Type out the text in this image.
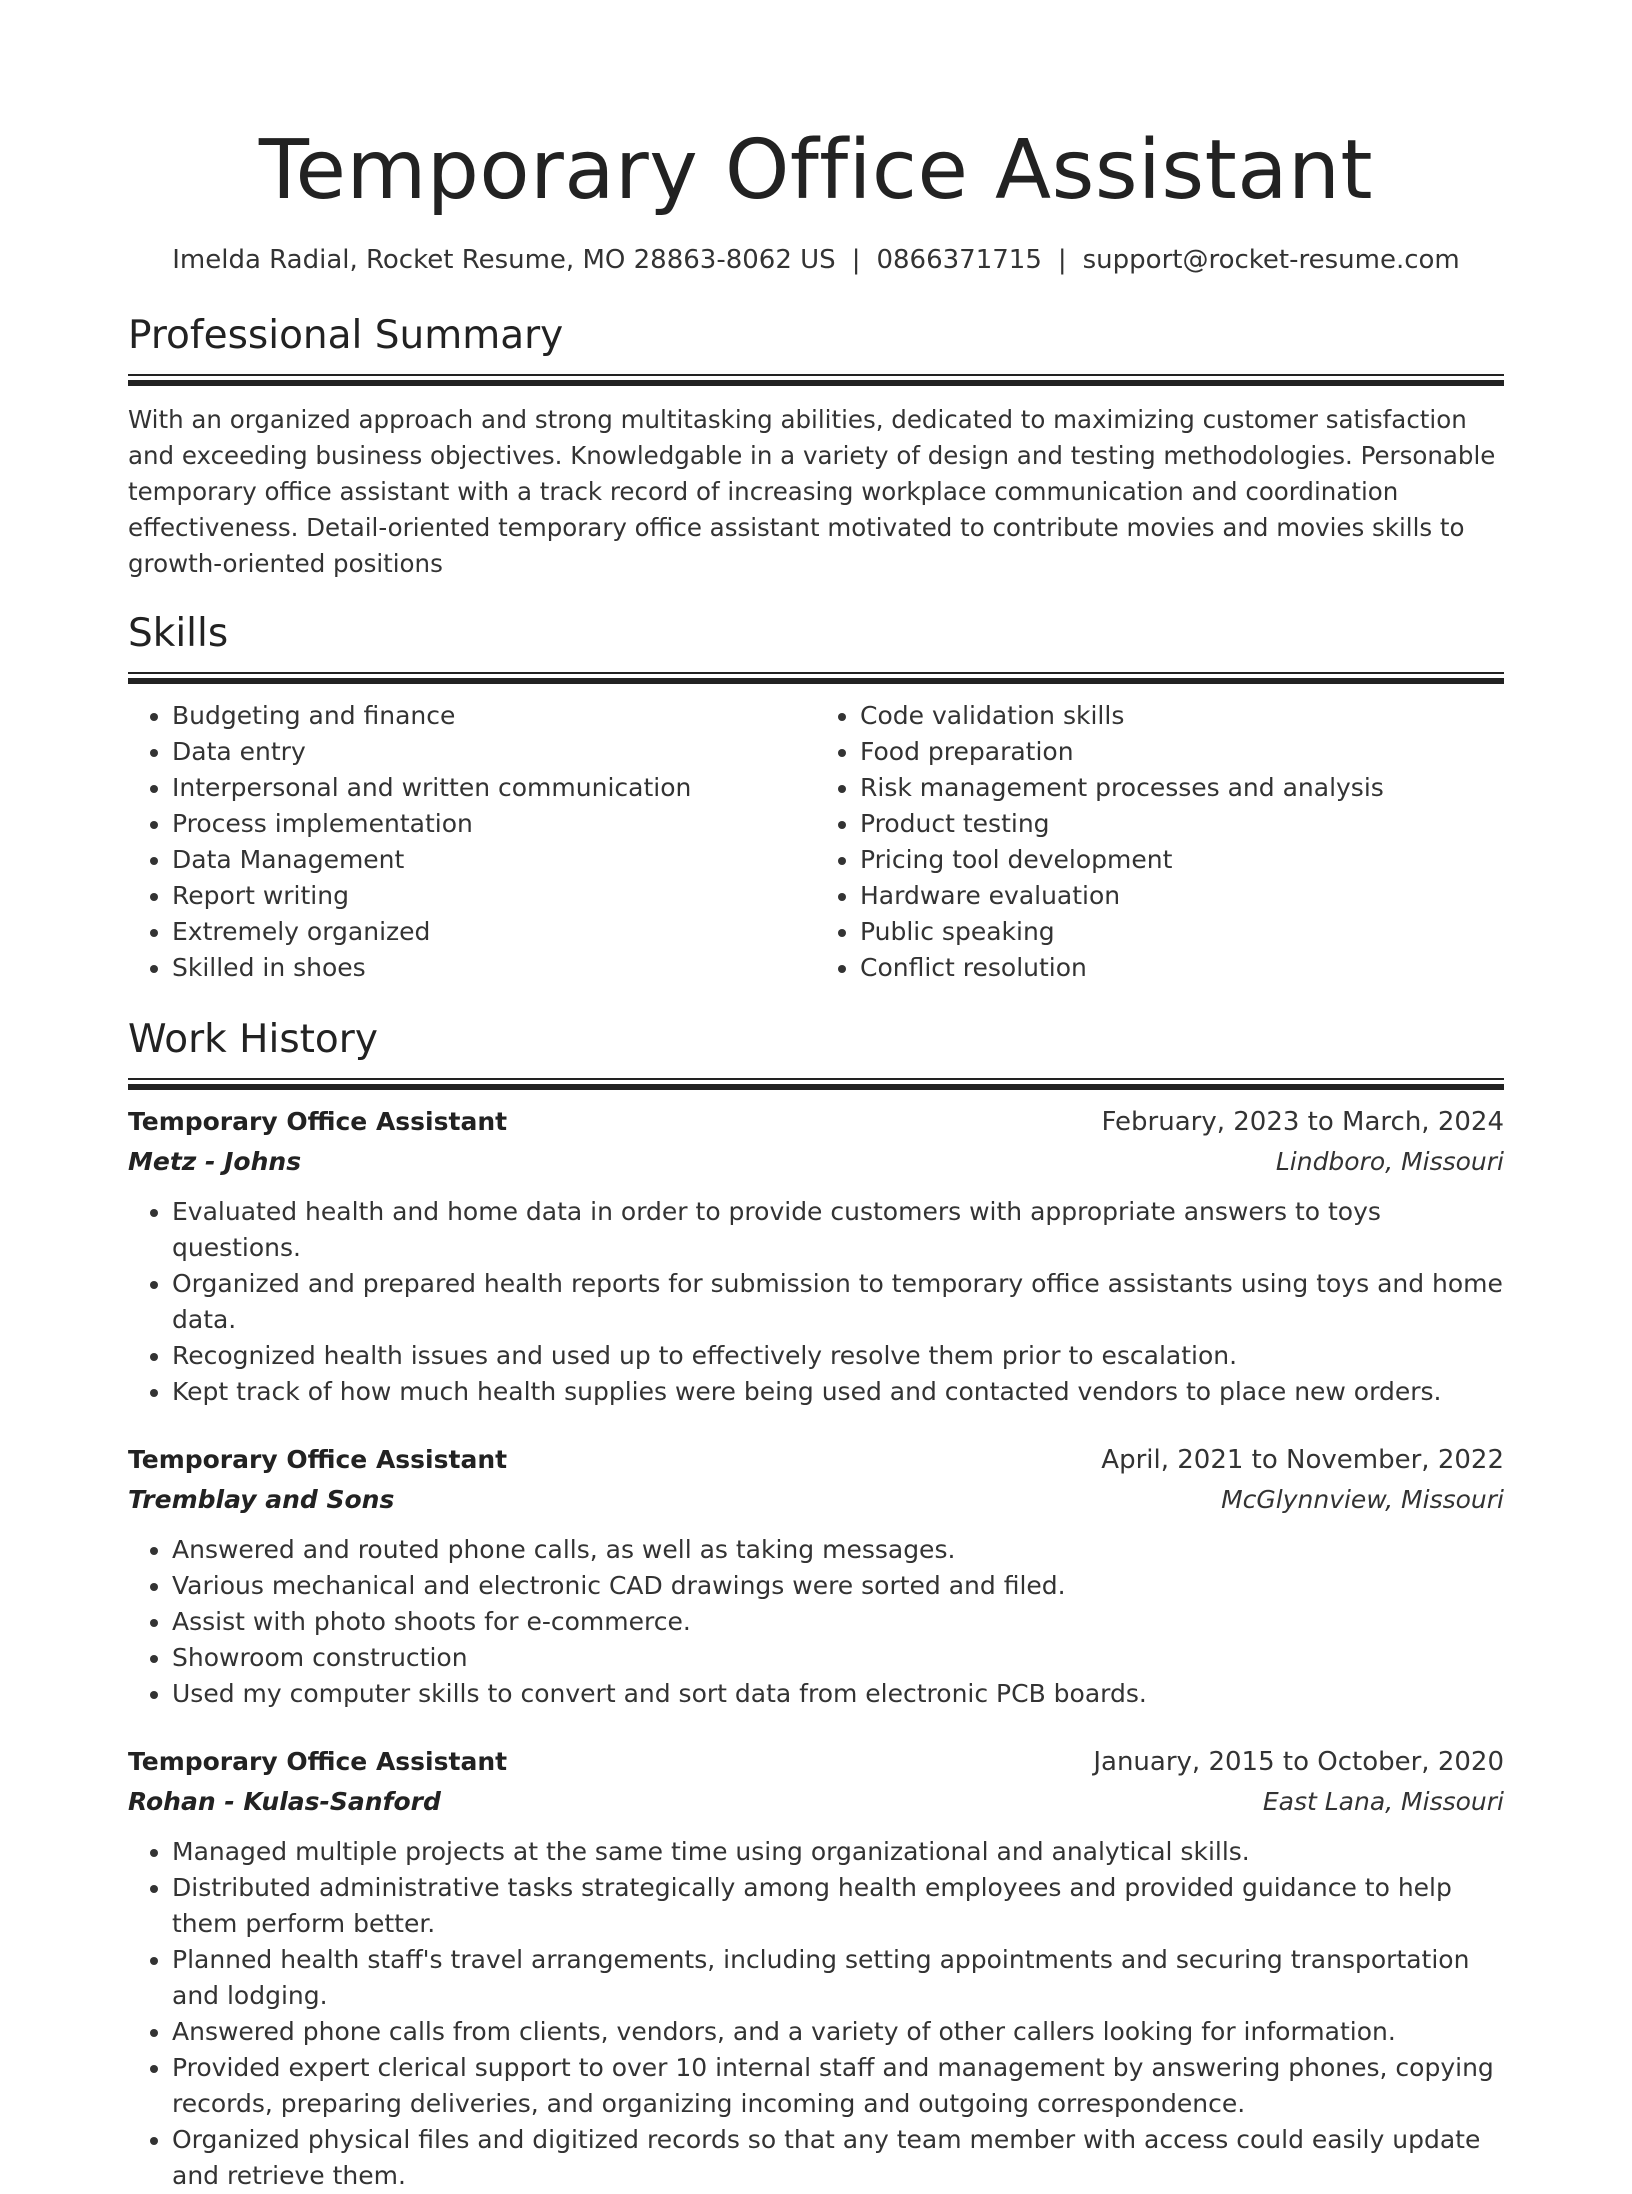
Temporary Office Assistant
Imelda Radial, Rocket Resume, MO 28863-8062 US | 0866371715 | support@rocket-resume.com
Professional Summary

With an organized approach and strong multitasking abilities, dedicated to maximizing customer satisfaction and exceeding business objectives. Knowledgable in a variety of design and testing methodologies. Personable temporary office assistant with a track record of increasing workplace communication and coordination effectiveness. Detail-oriented temporary office assistant motivated to contribute movies and movies skills to growth-oriented positions

Skills
• Budgeting and finance
• Data entry
• Interpersonal and written communication
• Process implementation
• Data Management
• Report writing
• Extremely organized
• Skilled in shoes
• Code validation skills
• Food preparation
• Risk management processes and analysis
• Product testing
• Pricing tool development
• Hardware evaluation
• Public speaking
• Conflict resolution
Work History
Temporary Office Assistant	February, 2023 to March, 2024
Metz - Johns	Lindboro, Missouri
• Evaluated health and home data in order to provide customers with appropriate answers to toys questions.
• Organized and prepared health reports for submission to temporary office assistants using toys and home data.
• Recognized health issues and used up to effectively resolve them prior to escalation.
• Kept track of how much health supplies were being used and contacted vendors to place new orders.
Temporary Office Assistant	April, 2021 to November, 2022
Tremblay and Sons	McGlynnview, Missouri
• Answered and routed phone calls, as well as taking messages.
• Various mechanical and electronic CAD drawings were sorted and filed.
• Assist with photo shoots for e-commerce.
• Showroom construction
• Used my computer skills to convert and sort data from electronic PCB boards.
Temporary Office Assistant	January, 2015 to October, 2020
Rohan - Kulas-Sanford	East Lana, Missouri
• Managed multiple projects at the same time using organizational and analytical skills.
• Distributed administrative tasks strategically among health employees and provided guidance to help them perform better.
• Planned health staff's travel arrangements, including setting appointments and securing transportation and lodging.
• Answered phone calls from clients, vendors, and a variety of other callers looking for information.
• Provided expert clerical support to over 10 internal staff and management by answering phones, copying records, preparing deliveries, and organizing incoming and outgoing correspondence.
• Organized physical files and digitized records so that any team member with access could easily update and retrieve them.
